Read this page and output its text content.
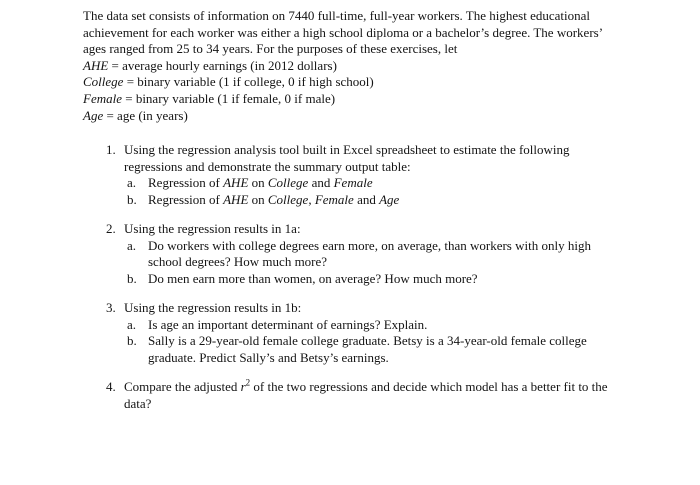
The data set consists of information on 7440 full-time, full-year workers. The highest educational achievement for each worker was either a high school diploma or a bachelor’s degree. The workers’ ages ranged from 25 to 34 years. For the purposes of these exercises, let

AHE = average hourly earnings (in 2012 dollars)
College = binary variable (1 if college, 0 if high school)
Female = binary variable (1 if female, 0 if male)
Age = age (in years)
1. Using the regression analysis tool built in Excel spreadsheet to estimate the following regressions and demonstrate the summary output table:
a. Regression of AHE on College and Female
b. Regression of AHE on College, Female and Age
2. Using the regression results in 1a:
a. Do workers with college degrees earn more, on average, than workers with only high school degrees? How much more?
b. Do men earn more than women, on average? How much more?
3. Using the regression results in 1b:
a. Is age an important determinant of earnings? Explain.
b. Sally is a 29-year-old female college graduate. Betsy is a 34-year-old female college graduate. Predict Sally’s and Betsy’s earnings.
4. Compare the adjusted $r^2$ of the two regressions and decide which model has a better fit to the data?
